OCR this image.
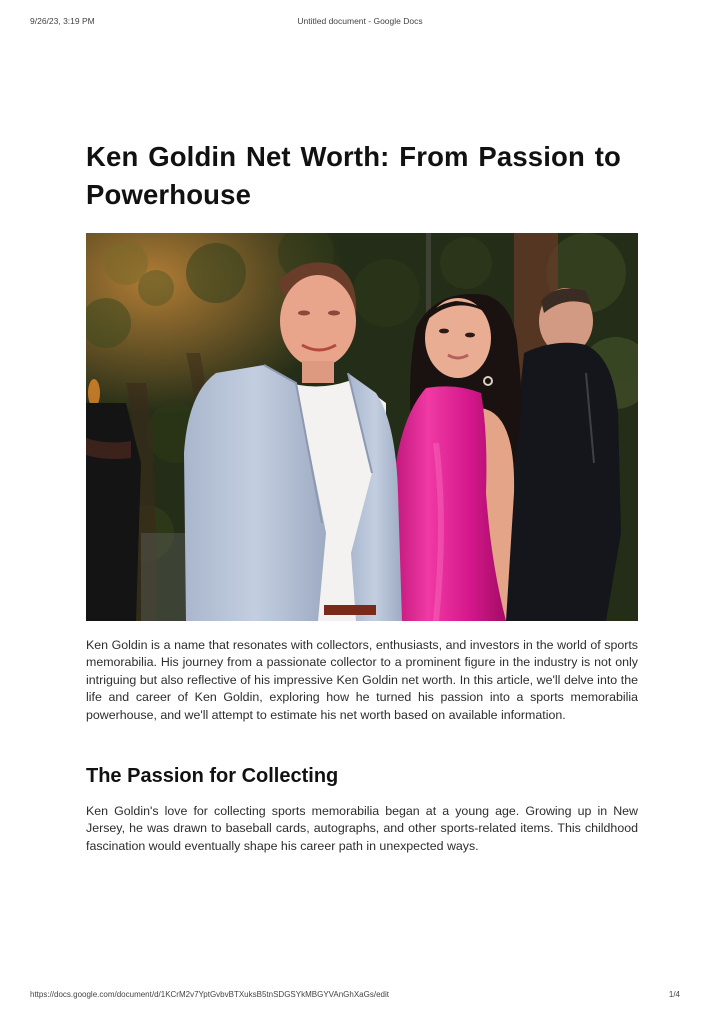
9/26/23, 3:19 PM	Untitled document - Google Docs
Ken Goldin Net Worth: From Passion to Powerhouse

Ken Goldin is a name that resonates with collectors, enthusiasts, and investors in the world of sports memorabilia. His journey from a passionate collector to a prominent figure in the industry is not only intriguing but also reflective of his impressive Ken Goldin net worth. In this article, we'll delve into the life and career of Ken Goldin, exploring how he turned his passion into a sports memorabilia powerhouse, and we'll attempt to estimate his net worth based on available information.

The Passion for Collecting

Ken Goldin's love for collecting sports memorabilia began at a young age. Growing up in New Jersey, he was drawn to baseball cards, autographs, and other sports-related items. This childhood fascination would eventually shape his career path in unexpected ways.

https://docs.google.com/document/d/1KCrM2v7YptGvbvBTXuksB5tnSDGSYkMBGYVAnGhXaGs/edit	1/4
